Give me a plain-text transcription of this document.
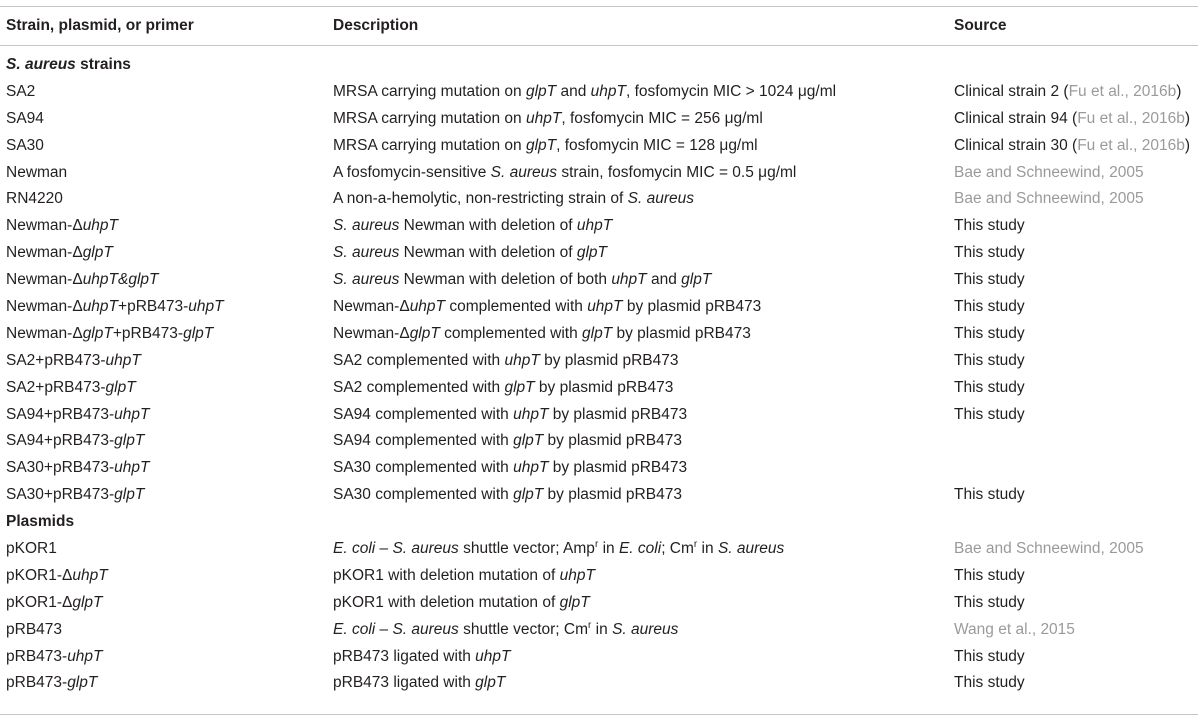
Strain, plasmid, or primer	Description	Source
S. aureus strains
SA2	MRSA carrying mutation on glpT and uhpT, fosfomycin MIC > 1024 μg/ml	Clinical strain 2 (Fu et al., 2016b)
SA94	MRSA carrying mutation on uhpT, fosfomycin MIC = 256 μg/ml	Clinical strain 94 (Fu et al., 2016b)
SA30	MRSA carrying mutation on glpT, fosfomycin MIC = 128 μg/ml	Clinical strain 30 (Fu et al., 2016b)
Newman	A fosfomycin-sensitive S. aureus strain, fosfomycin MIC = 0.5 μg/ml	Bae and Schneewind, 2005
RN4220	A non-a-hemolytic, non-restricting strain of S. aureus	Bae and Schneewind, 2005
Newman-ΔuhpT	S. aureus Newman with deletion of uhpT	This study
Newman-ΔglpT	S. aureus Newman with deletion of glpT	This study
Newman-ΔuhpT&glpT	S. aureus Newman with deletion of both uhpT and glpT	This study
Newman-ΔuhpT+pRB473-uhpT	Newman-ΔuhpT complemented with uhpT by plasmid pRB473	This study
Newman-ΔglpT+pRB473-glpT	Newman-ΔglpT complemented with glpT by plasmid pRB473	This study
SA2+pRB473-uhpT	SA2 complemented with uhpT by plasmid pRB473	This study
SA2+pRB473-glpT	SA2 complemented with glpT by plasmid pRB473	This study
SA94+pRB473-uhpT	SA94 complemented with uhpT by plasmid pRB473	This study
SA94+pRB473-glpT	SA94 complemented with glpT by plasmid pRB473
SA30+pRB473-uhpT	SA30 complemented with uhpT by plasmid pRB473
SA30+pRB473-glpT	SA30 complemented with glpT by plasmid pRB473	This study
Plasmids
pKOR1	E. coli – S. aureus shuttle vector; Amp$^r$ in E. coli; Cm$^r$ in S. aureus	Bae and Schneewind, 2005
pKOR1-ΔuhpT	pKOR1 with deletion mutation of uhpT	This study
pKOR1-ΔglpT	pKOR1 with deletion mutation of glpT	This study
pRB473	E. coli – S. aureus shuttle vector; Cm$^r$ in S. aureus	Wang et al., 2015
pRB473-uhpT	pRB473 ligated with uhpT	This study
pRB473-glpT	pRB473 ligated with glpT	This study
